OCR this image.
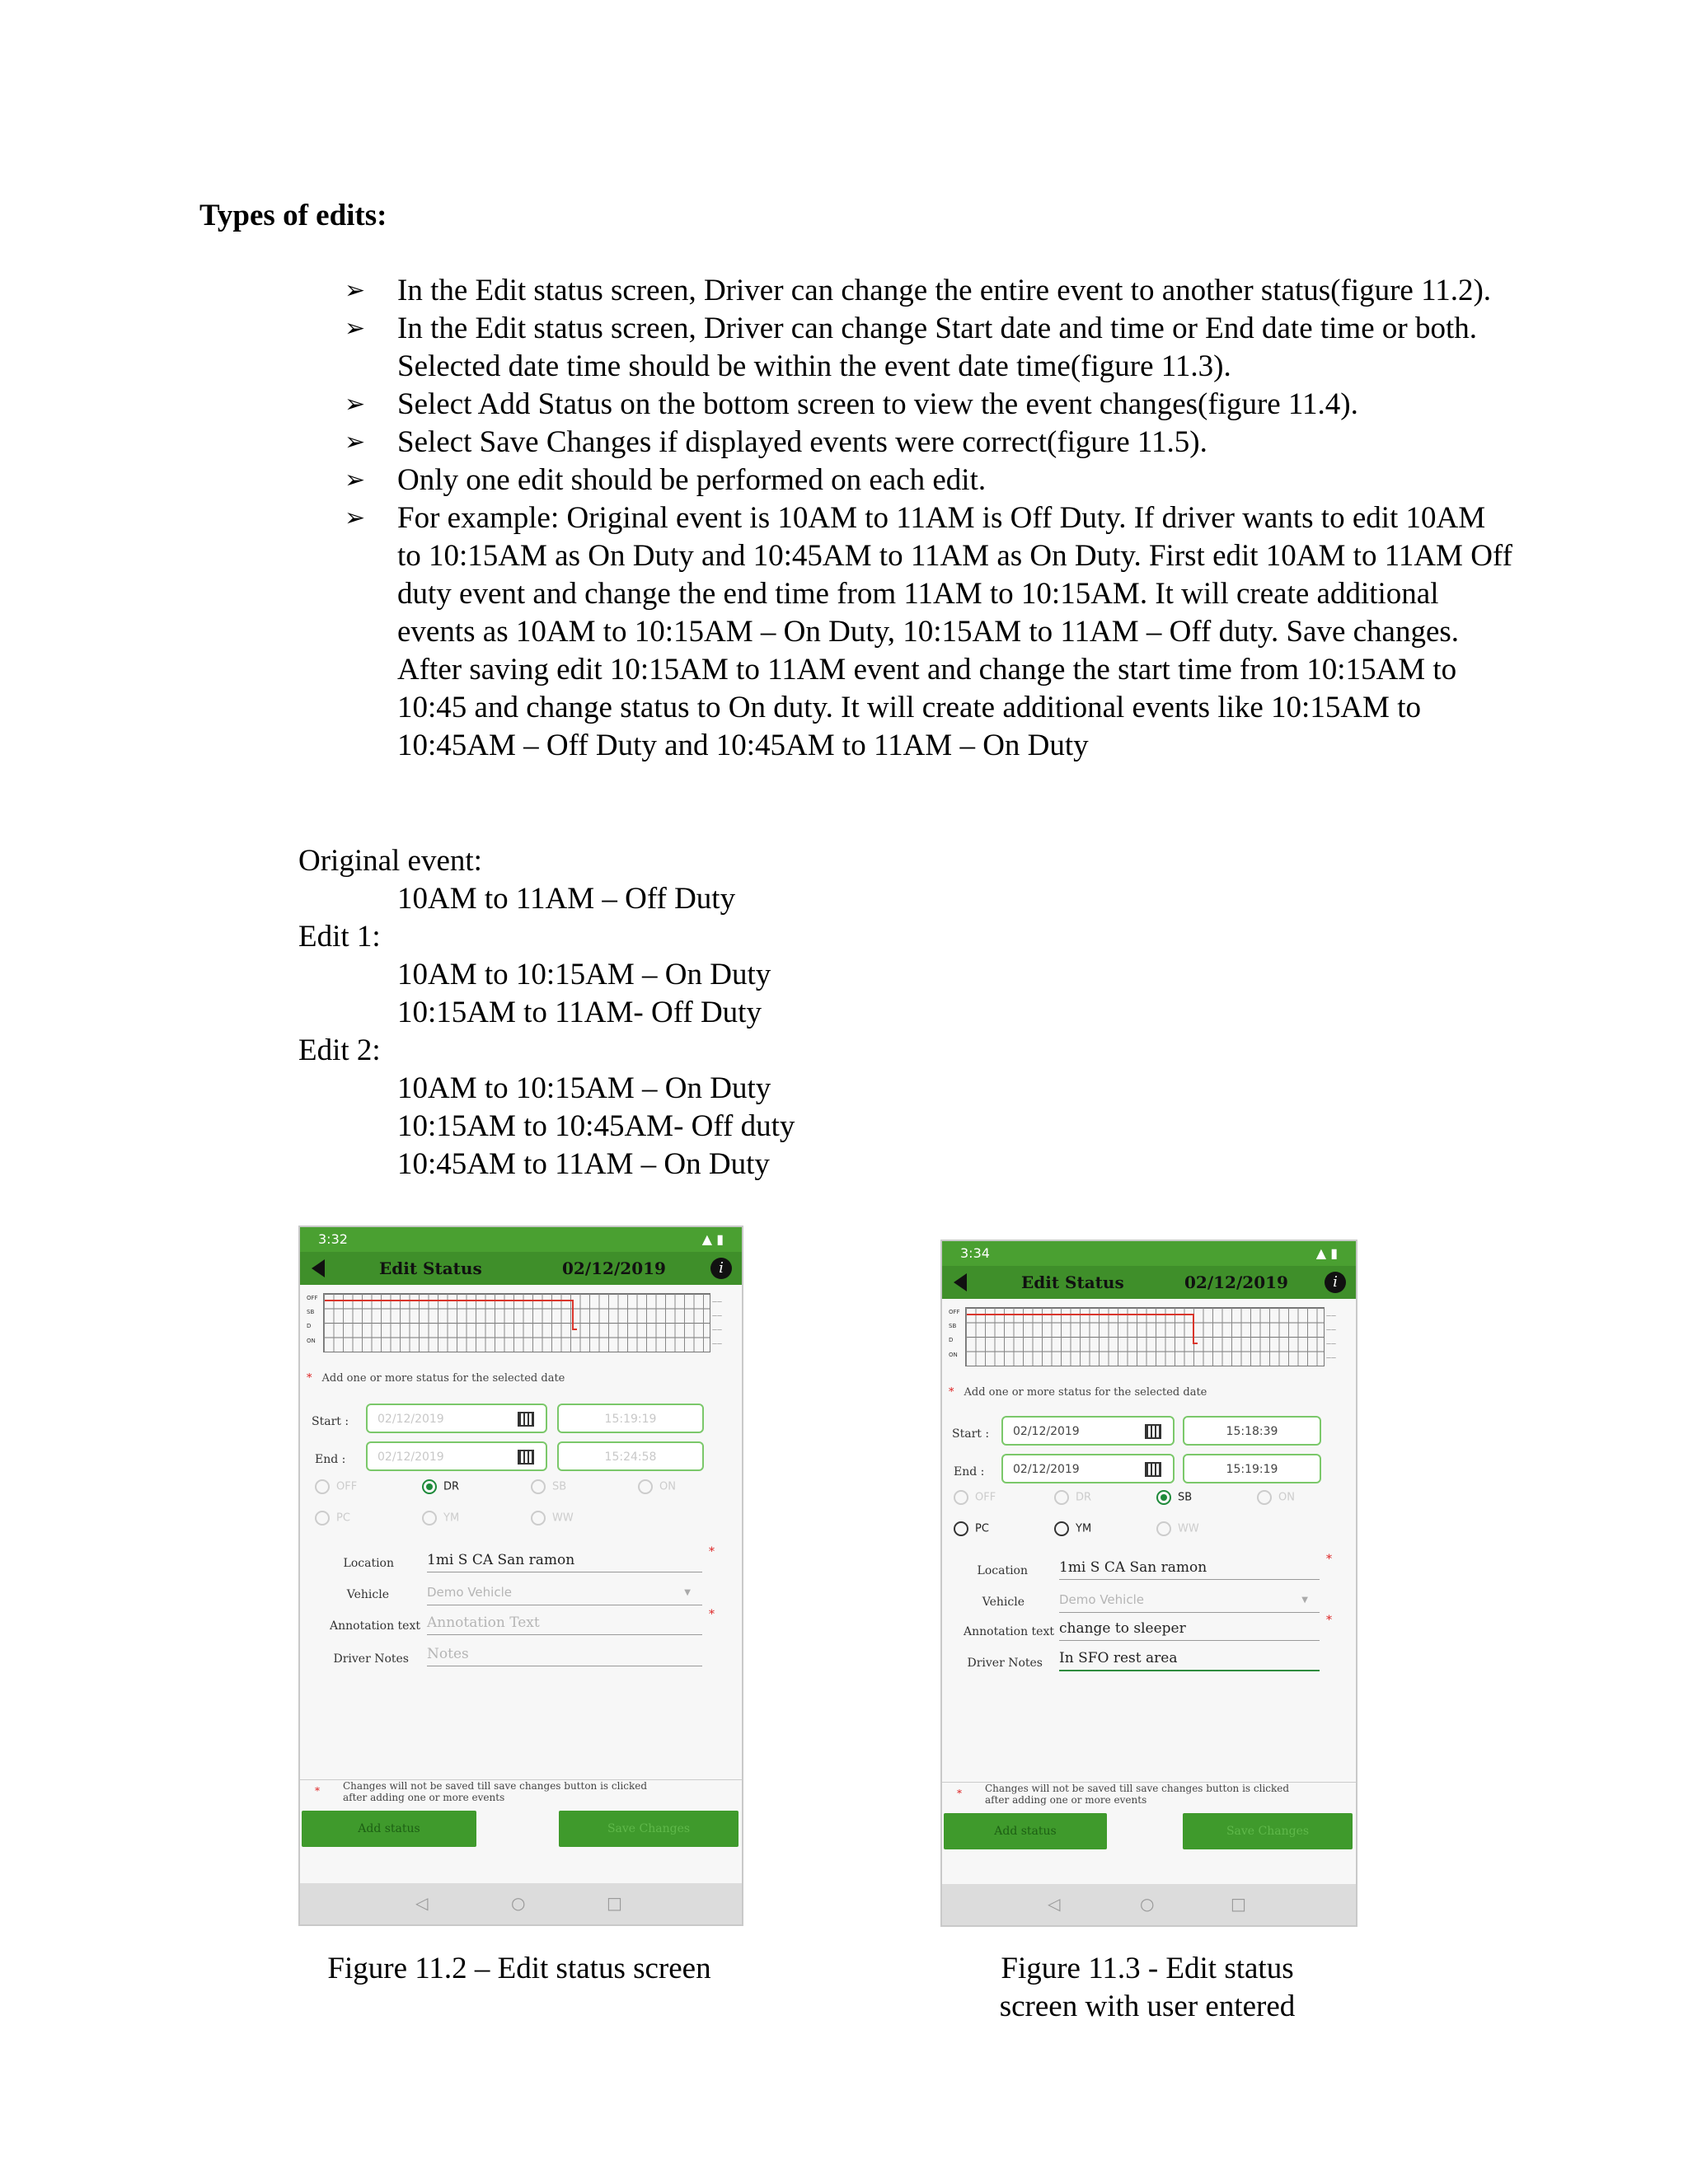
Types of edits:
➢ In the Edit status screen, Driver can change the entire event to another status(figure 11.2).
➢ In the Edit status screen, Driver can change Start date and time or End date time or both. Selected date time should be within the event date time(figure 11.3).
➢ Select Add Status on the bottom screen to view the event changes(figure 11.4).
➢ Select Save Changes if displayed events were correct(figure 11.5).
➢ Only one edit should be performed on each edit.
➢ For example: Original event is 10AM to 11AM is Off Duty. If driver wants to edit 10AM to 10:15AM as On Duty and 10:45AM to 11AM as On Duty. First edit 10AM to 11AM Off duty event and change the end time from 11AM to 10:15AM. It will create additional events as 10AM to 10:15AM – On Duty, 10:15AM to 11AM – Off duty. Save changes. After saving edit 10:15AM to 11AM event and change the start time from 10:15AM to 10:45 and change status to On duty. It will create additional events like 10:15AM to 10:45AM – Off Duty and 10:45AM to 11AM – On Duty
Original event:
10AM to 11AM – Off Duty
Edit 1:
10AM to 10:15AM – On Duty
10:15AM to 11AM- Off Duty
Edit 2:
10AM to 10:15AM – On Duty
10:15AM to 10:45AM- Off duty
10:45AM to 11AM – On Duty
3:32	▲ ▮
Edit Status	02/12/2019	i
OFF
SB
D
ON
——
——
——
——
* Add one or more status for the selected date
Start :	02/12/2019	15:19:19
End :	02/12/2019	15:24:58
OFF	DR	SB	ON
PC	YM	WW
Location 1mi S CA San ramon	*
Vehicle	Demo Vehicle	▼
Annotation text Annotation Text	*
Driver Notes Notes
* Changes will not be saved till save changes button is clicked
after adding one or more events
Add status	Save Changes
◁	○	□
3:34	▲ ▮
Edit Status	02/12/2019	i
OFF
SB
D
ON
——
——
——
——
* Add one or more status for the selected date
Start :	02/12/2019	15:18:39
End :	02/12/2019	15:19:19
OFF	DR	SB	ON
PC	YM	WW
Location 1mi S CA San ramon	*
Vehicle	Demo Vehicle	▼
Annotation text change to sleeper	*
Driver Notes In SFO rest area
* Changes will not be saved till save changes button is clicked
after adding one or more events
Add status	Save Changes
◁	○	□
Figure 11.2 – Edit status screen	Figure 11.3 - Edit status
screen with user entered
